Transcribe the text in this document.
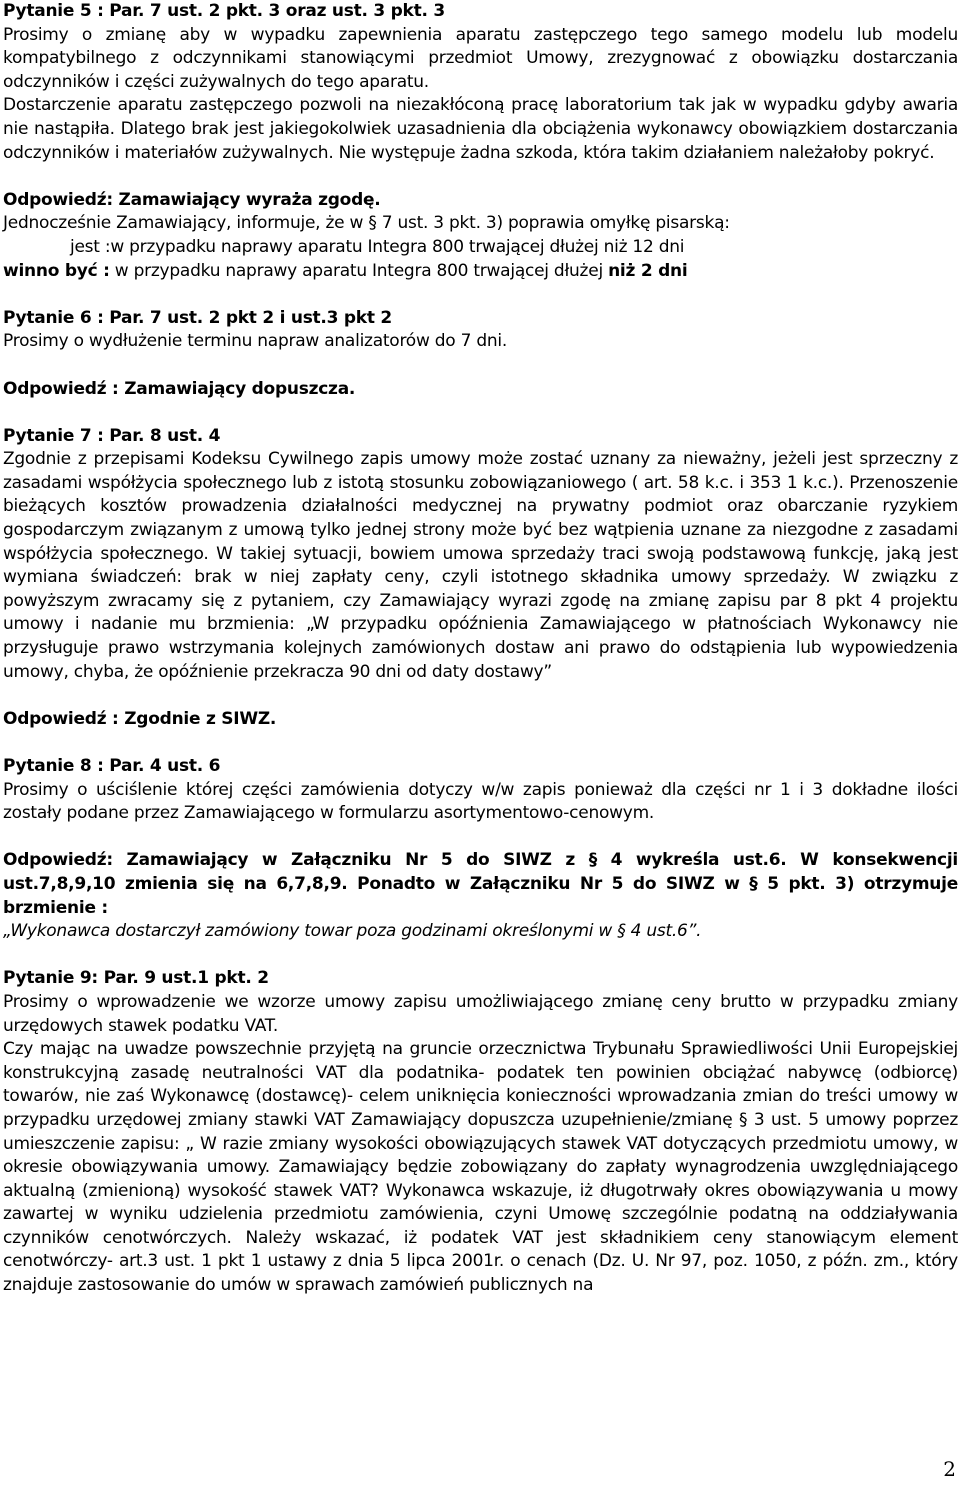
Pytanie 5 : Par. 7 ust. 2 pkt. 3 oraz ust. 3 pkt. 3

Prosimy o zmianę aby w wypadku zapewnienia aparatu zastępczego tego samego modelu lub modelu kompatybilnego z odczynnikami stanowiącymi przedmiot Umowy, zrezygnować z obowiązku dostarczania odczynników i części zużywalnych do tego aparatu.

Dostarczenie aparatu zastępczego pozwoli na niezakłóconą pracę laboratorium tak jak w wypadku gdyby awaria nie nastąpiła. Dlatego brak jest jakiegokolwiek uzasadnienia dla obciążenia wykonawcy obowiązkiem dostarczania odczynników i materiałów zużywalnych. Nie występuje żadna szkoda, która takim działaniem należałoby pokryć.

Odpowiedź: Zamawiający wyraża zgodę.

Jednocześnie Zamawiający, informuje, że w § 7 ust. 3 pkt. 3) poprawia omyłkę pisarską:

jest :w przypadku naprawy aparatu Integra 800 trwającej dłużej niż 12 dni

winno być : w przypadku naprawy aparatu Integra 800 trwającej dłużej niż 2 dni

Pytanie 6 : Par. 7 ust. 2 pkt 2 i ust.3 pkt 2

Prosimy o wydłużenie terminu napraw analizatorów do 7 dni.

Odpowiedź : Zamawiający dopuszcza.

Pytanie 7 : Par. 8 ust. 4

Zgodnie z przepisami Kodeksu Cywilnego zapis umowy może zostać uznany za nieważny, jeżeli jest sprzeczny z zasadami współżycia społecznego lub z istotą stosunku zobowiązaniowego ( art. 58 k.c. i 353 1 k.c.). Przenoszenie bieżących kosztów prowadzenia działalności medycznej na prywatny podmiot oraz obarczanie ryzykiem gospodarczym związanym z umową tylko jednej strony może być bez wątpienia uznane za niezgodne z zasadami współżycia społecznego. W takiej sytuacji, bowiem umowa sprzedaży traci swoją podstawową funkcję, jaką jest wymiana świadczeń: brak w niej zapłaty ceny, czyli istotnego składnika umowy sprzedaży. W związku z powyższym zwracamy się z pytaniem, czy Zamawiający wyrazi zgodę na zmianę zapisu par 8 pkt 4 projektu umowy i nadanie mu brzmienia: „W przypadku opóźnienia Zamawiającego w płatnościach Wykonawcy nie przysługuje prawo wstrzymania kolejnych zamówionych dostaw ani prawo do odstąpienia lub wypowiedzenia umowy, chyba, że opóźnienie przekracza 90 dni od daty dostawy”

Odpowiedź : Zgodnie z SIWZ.

Pytanie 8 : Par. 4 ust. 6

Prosimy o uściślenie której części zamówienia dotyczy w/w zapis ponieważ dla części nr 1 i 3 dokładne ilości zostały podane przez Zamawiającego w formularzu asortymentowo-cenowym.

Odpowiedź: Zamawiający w Załączniku Nr 5 do SIWZ z § 4 wykreśla ust.6. W konsekwencji ust.7,8,9,10 zmienia się na 6,7,8,9. Ponadto w Załączniku Nr 5 do SIWZ w § 5 pkt. 3) otrzymuje brzmienie :

„Wykonawca dostarczył zamówiony towar poza godzinami określonymi w § 4 ust.6”.

Pytanie 9: Par. 9 ust.1 pkt. 2

Prosimy o wprowadzenie we wzorze umowy zapisu umożliwiającego zmianę ceny brutto w przypadku zmiany urzędowych stawek podatku VAT.

Czy mając na uwadze powszechnie przyjętą na gruncie orzecznictwa Trybunału Sprawiedliwości Unii Europejskiej konstrukcyjną zasadę neutralności VAT dla podatnika- podatek ten powinien obciążać nabywcę (odbiorcę) towarów, nie zaś Wykonawcę (dostawcę)- celem uniknięcia konieczności wprowadzania zmian do treści umowy w przypadku urzędowej zmiany stawki VAT Zamawiający dopuszcza uzupełnienie/zmianę § 3 ust. 5 umowy poprzez umieszczenie zapisu: „ W razie zmiany wysokości obowiązujących stawek VAT dotyczących przedmiotu umowy, w okresie obowiązywania umowy. Zamawiający będzie zobowiązany do zapłaty wynagrodzenia uwzględniającego aktualną (zmienioną) wysokość stawek VAT? Wykonawca wskazuje, iż długotrwały okres obowiązywania u mowy zawartej w wyniku udzielenia przedmiotu zamówienia, czyni Umowę szczególnie podatną na oddziaływania czynników cenotwórczych. Należy wskazać, iż podatek VAT jest składnikiem ceny stanowiącym element cenotwórczy- art.3 ust. 1 pkt 1 ustawy z dnia 5 lipca 2001r. o cenach (Dz. U. Nr 97, poz. 1050, z późn. zm., który znajduje zastosowanie do umów w sprawach zamówień publicznych na

2
